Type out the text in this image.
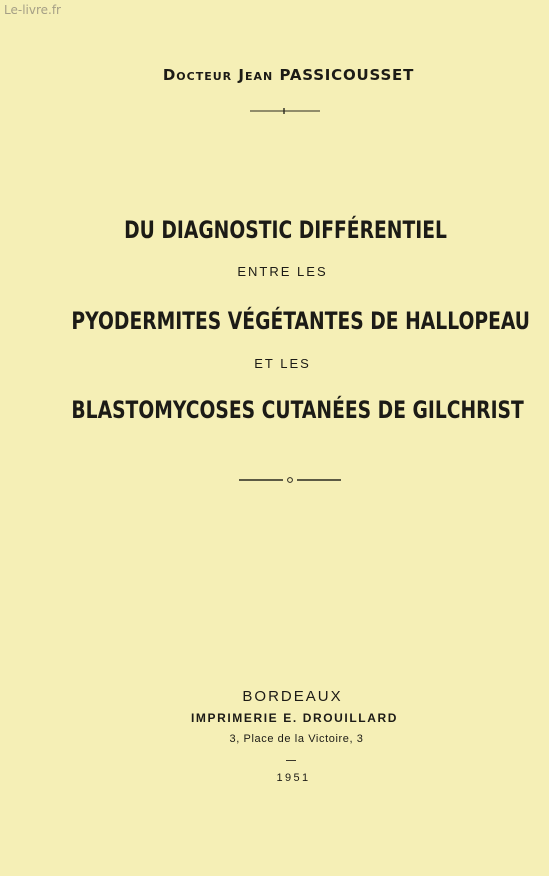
Le-livre.fr
Docteur Jean PASSICOUSSET
DU DIAGNOSTIC DIFFÉRENTIEL
ENTRE LES
PYODERMITES VÉGÉTANTES DE HALLOPEAU
ET LES
BLASTOMYCOSES CUTANÉES DE GILCHRIST
BORDEAUX
IMPRIMERIE E. DROUILLARD
3, Place de la Victoire, 3
1951
